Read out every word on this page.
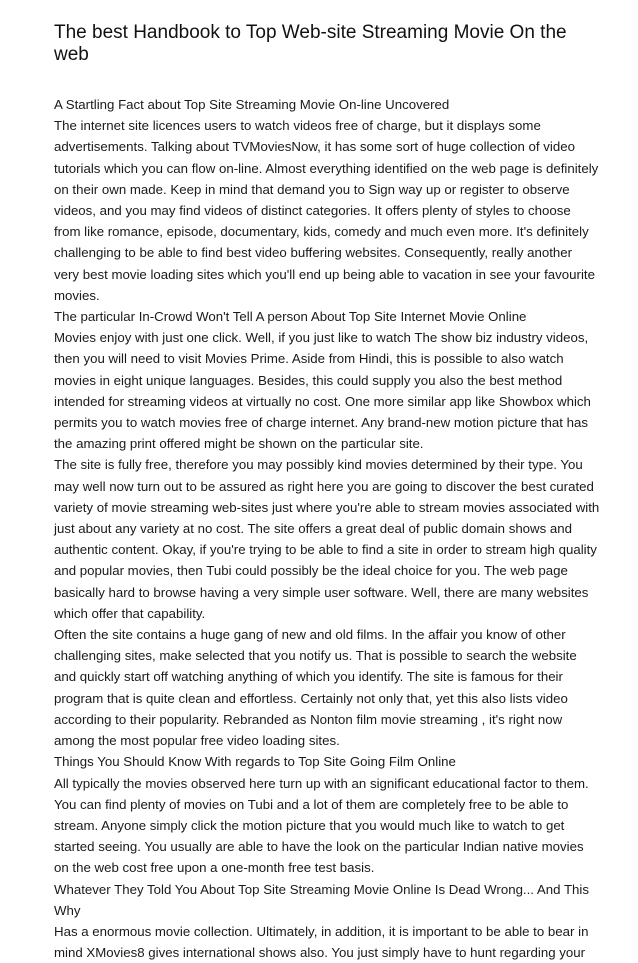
The best Handbook to Top Web-site Streaming Movie On the web
A Startling Fact about Top Site Streaming Movie On-line Uncovered
The internet site licences users to watch videos free of charge, but it displays some
advertisements. Talking about TVMoviesNow, it has some sort of huge collection of video
tutorials which you can flow on-line. Almost everything identified on the web page is definitely
on their own made. Keep in mind that demand you to Sign way up or register to observe
videos, and you may find videos of distinct categories. It offers plenty of styles to choose
from like romance, episode, documentary, kids, comedy and much even more. It's definitely
challenging to be able to find best video buffering websites. Consequently, really another
very best movie loading sites which you'll end up being able to vacation in see your favourite
movies.
The particular In-Crowd Won't Tell A person About Top Site Internet Movie Online
Movies enjoy with just one click. Well, if you just like to watch The show biz industry videos,
then you will need to visit Movies Prime. Aside from Hindi, this is possible to also watch
movies in eight unique languages. Besides, this could supply you also the best method
intended for streaming videos at virtually no cost. One more similar app like Showbox which
permits you to watch movies free of charge internet. Any brand-new motion picture that has
the amazing print offered might be shown on the particular site.
The site is fully free, therefore you may possibly kind movies determined by their type. You
may well now turn out to be assured as right here you are going to discover the best curated
variety of movie streaming web-sites just where you're able to stream movies associated with
just about any variety at no cost. The site offers a great deal of public domain shows and
authentic content. Okay, if you're trying to be able to find a site in order to stream high quality
and popular movies, then Tubi could possibly be the ideal choice for you. The web page
basically hard to browse having a very simple user software. Well, there are many websites
which offer that capability.
Often the site contains a huge gang of new and old films. In the affair you know of other
challenging sites, make selected that you notify us. That is possible to search the website
and quickly start off watching anything of which you identify. The site is famous for their
program that is quite clean and effortless. Certainly not only that, yet this also lists video
according to their popularity. Rebranded as Nonton film movie streaming , it's right now
among the most popular free video loading sites.
Things You Should Know With regards to Top Site Going Film Online
All typically the movies observed here turn up with an significant educational factor to them.
You can find plenty of movies on Tubi and a lot of them are completely free to be able to
stream. Anyone simply click the motion picture that you would much like to watch to get
started seeing. You usually are able to have the look on the particular Indian native movies
on the web cost free upon a one-month free test basis.
Whatever They Told You About Top Site Streaming Movie Online Is Dead Wrong... And This
Why
Has a enormous movie collection. Ultimately, in addition, it is important to be able to bear in
mind XMovies8 gives international shows also. You just simply have to hunt regarding your
